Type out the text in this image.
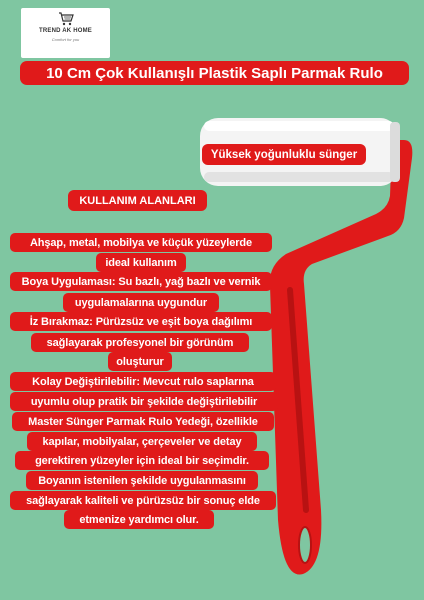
TREND AK HOME
Comfort for you
10 Cm Çok Kullanışlı Plastik Saplı Parmak Rulo
Yüksek yoğunluklu sünger
KULLANIM ALANLARI
Ahşap, metal, mobilya ve küçük yüzeylerde
ideal kullanım
Boya Uygulaması: Su bazlı, yağ bazlı ve vernik
uygulamalarına uygundur
İz Bırakmaz: Pürüzsüz ve eşit boya dağılımı
sağlayarak profesyonel bir görünüm
oluşturur
Kolay Değiştirilebilir: Mevcut rulo saplarına
uyumlu olup pratik bir şekilde değiştirilebilir
Master Sünger Parmak Rulo Yedeği, özellikle
kapılar, mobilyalar, çerçeveler ve detay
gerektiren yüzeyler için ideal bir seçimdir.
Boyanın istenilen şekilde uygulanmasını
sağlayarak kaliteli ve pürüzsüz bir sonuç elde
etmenize yardımcı olur.
